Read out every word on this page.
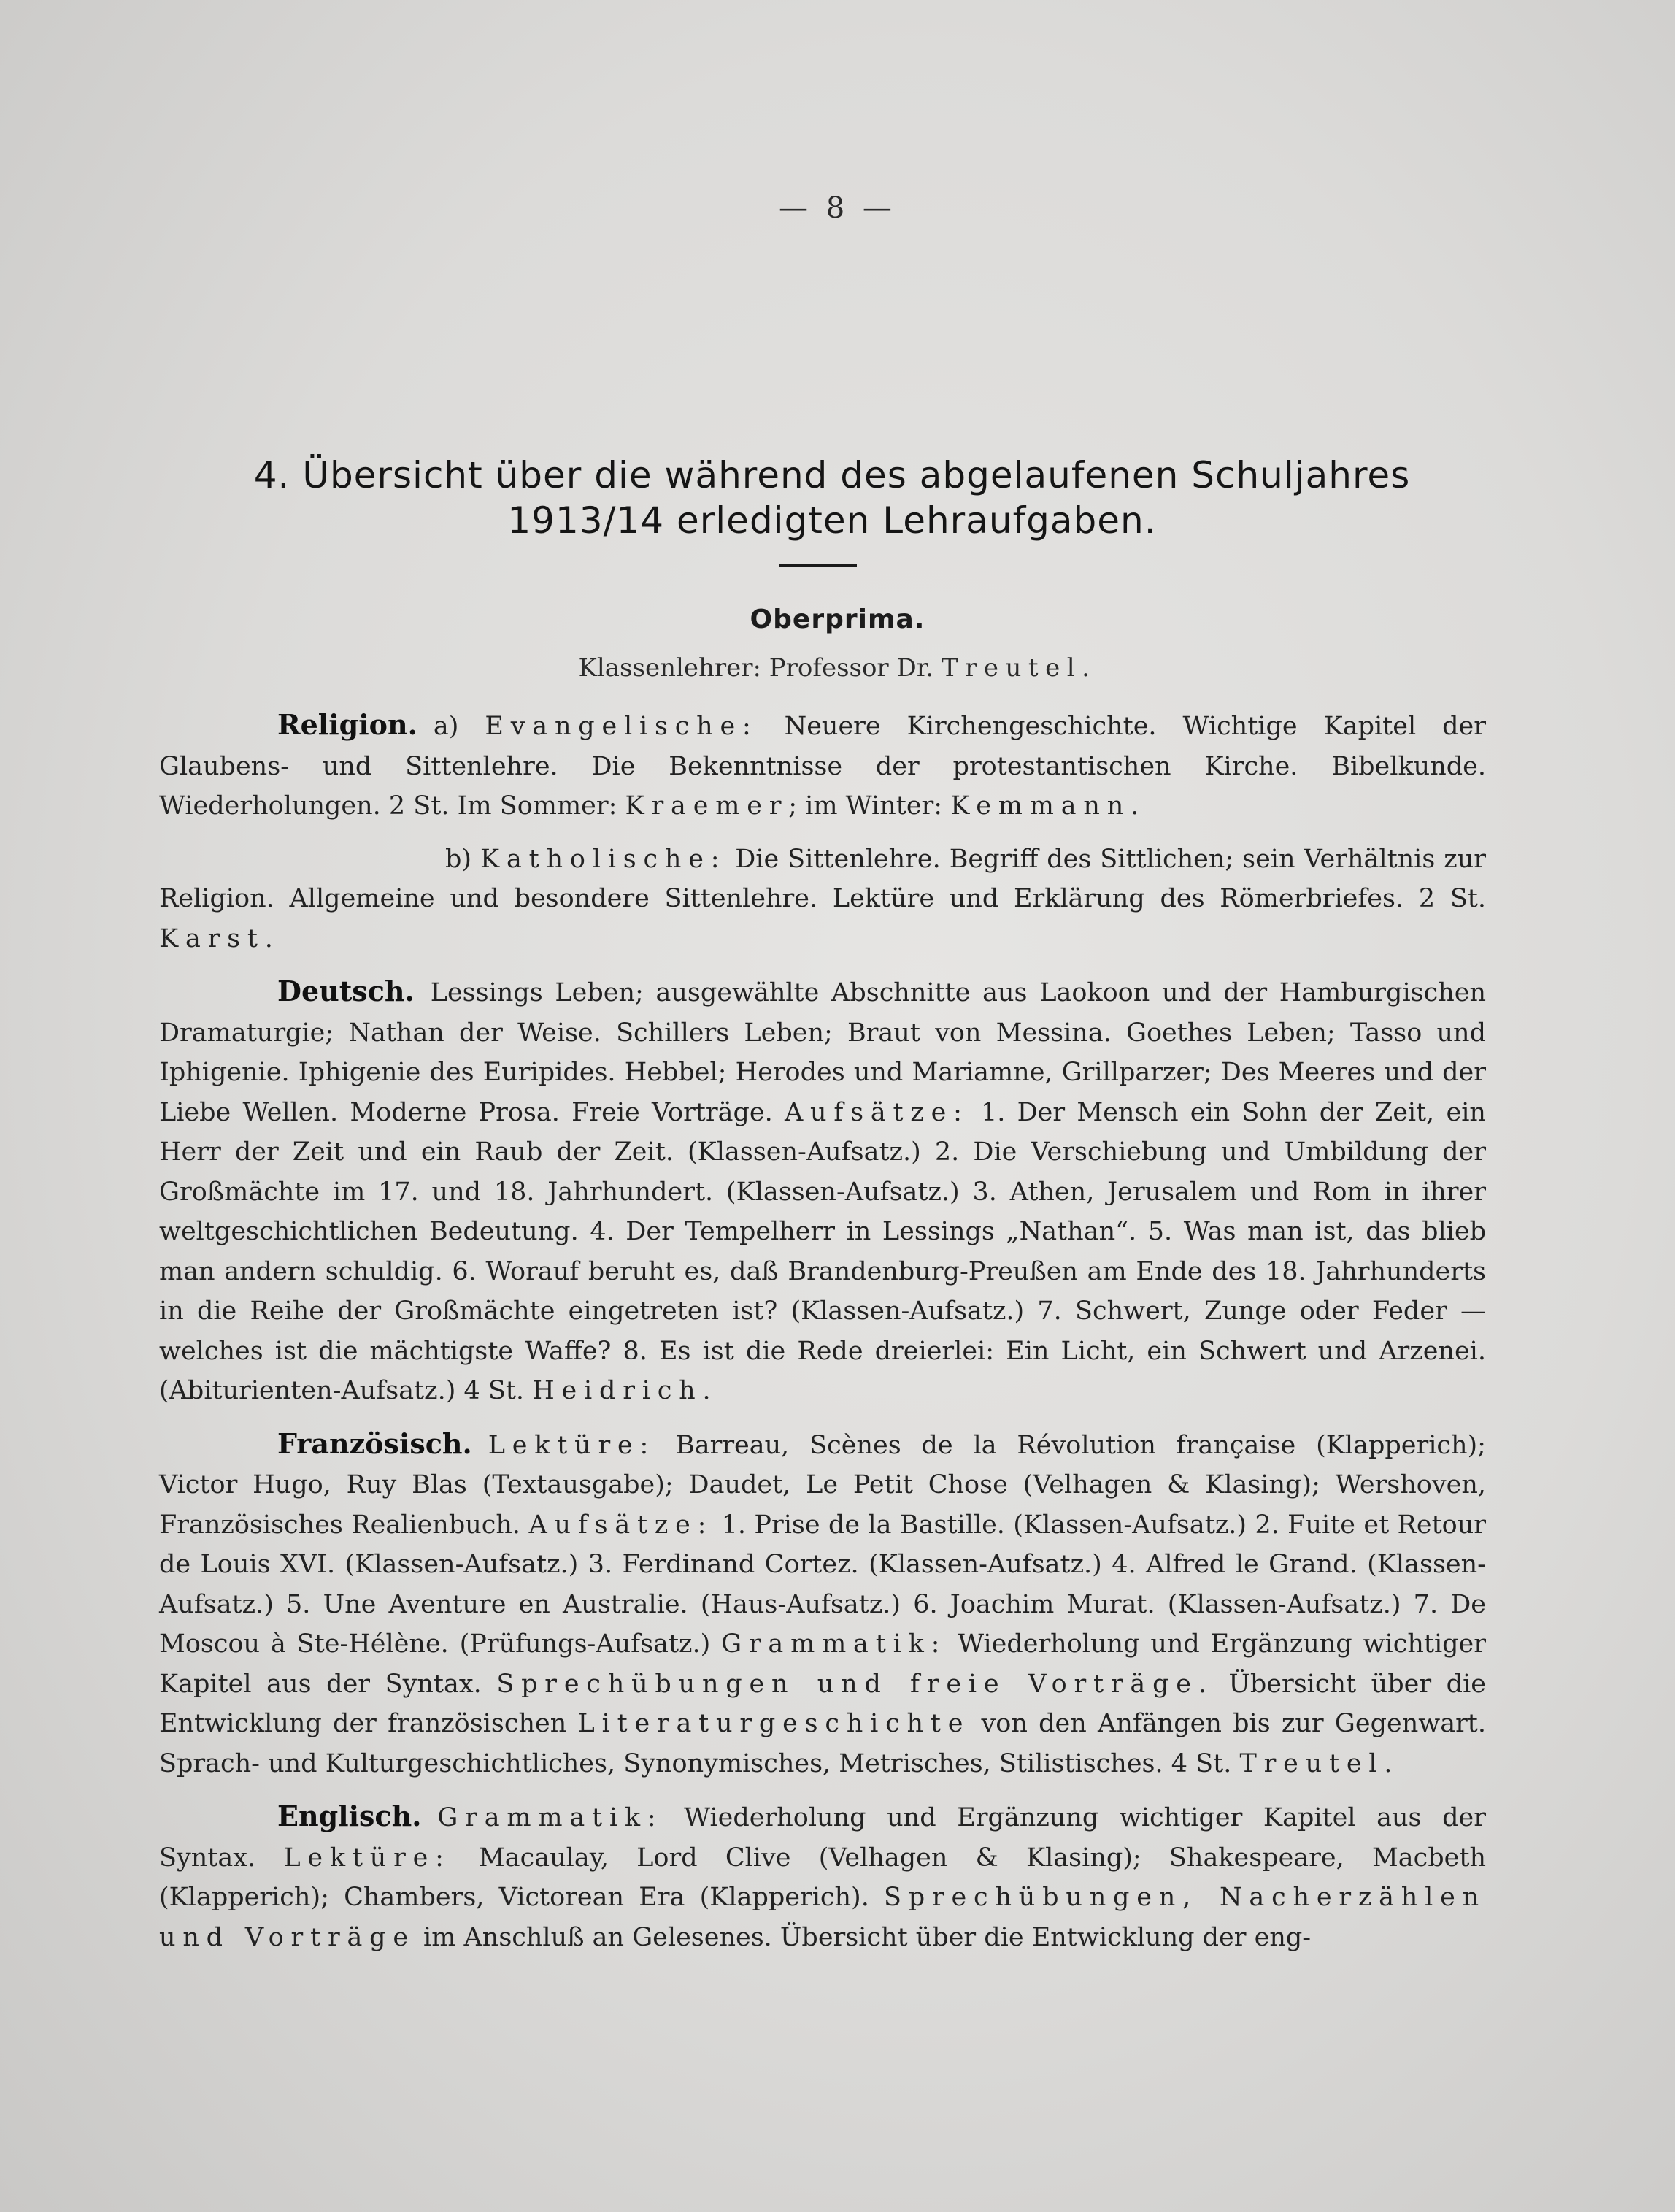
— 8 —
4. Übersicht über die während des abgelaufenen Schuljahres
1913/14 erledigten Lehraufgaben.
Oberprima.
Klassenlehrer: Professor Dr. Treutel.

Religion. a) Evangelische: Neuere Kirchengeschichte. Wichtige Kapitel der Glaubens- und Sittenlehre. Die Bekenntnisse der protestantischen Kirche. Bibelkunde. Wiederholungen. 2 St. Im Sommer: Kraemer; im Winter: Kemmann.

b) Katholische: Die Sittenlehre. Begriff des Sittlichen; sein Verhältnis zur Religion. Allgemeine und besondere Sittenlehre. Lektüre und Erklärung des Römerbriefes. 2 St. Karst.

Deutsch. Lessings Leben; ausgewählte Abschnitte aus Laokoon und der Hamburgischen Dramaturgie; Nathan der Weise. Schillers Leben; Braut von Messina. Goethes Leben; Tasso und Iphigenie. Iphigenie des Euripides. Hebbel; Herodes und Mariamne, Grillparzer; Des Meeres und der Liebe Wellen. Moderne Prosa. Freie Vorträge. Aufsätze: 1. Der Mensch ein Sohn der Zeit, ein Herr der Zeit und ein Raub der Zeit. (Klassen-Aufsatz.) 2. Die Verschiebung und Umbildung der Großmächte im 17. und 18. Jahrhundert. (Klassen-Aufsatz.) 3. Athen, Jerusalem und Rom in ihrer weltgeschichtlichen Bedeutung. 4. Der Tempelherr in Lessings „Nathan“. 5. Was man ist, das blieb man andern schuldig. 6. Worauf beruht es, daß Brandenburg-Preußen am Ende des 18. Jahrhunderts in die Reihe der Großmächte eingetreten ist? (Klassen-Aufsatz.) 7. Schwert, Zunge oder Feder — welches ist die mächtigste Waffe? 8. Es ist die Rede dreierlei: Ein Licht, ein Schwert und Arzenei. (Abiturienten-Aufsatz.) 4 St. Heidrich.

Französisch. Lektüre: Barreau, Scènes de la Révolution française (Klapperich); Victor Hugo, Ruy Blas (Textausgabe); Daudet, Le Petit Chose (Velhagen & Klasing); Wershoven, Französisches Realienbuch. Aufsätze: 1. Prise de la Bastille. (Klassen-Aufsatz.) 2. Fuite et Retour de Louis XVI. (Klassen-Aufsatz.) 3. Ferdinand Cortez. (Klassen-Aufsatz.) 4. Alfred le Grand. (Klassen-Aufsatz.) 5. Une Aventure en Australie. (Haus-Aufsatz.) 6. Joachim Murat. (Klassen-Aufsatz.) 7. De Moscou à Ste-Hélène. (Prüfungs-Aufsatz.) Grammatik: Wiederholung und Ergänzung wichtiger Kapitel aus der Syntax. Sprechübungen und freie Vorträge. Übersicht über die Entwicklung der französischen Literaturgeschichte von den Anfängen bis zur Gegenwart. Sprach- und Kulturgeschichtliches, Synonymisches, Metrisches, Stilistisches. 4 St. Treutel.

Englisch. Grammatik: Wiederholung und Ergänzung wichtiger Kapitel aus der Syntax. Lektüre: Macaulay, Lord Clive (Velhagen & Klasing); Shakespeare, Macbeth (Klapperich); Chambers, Victorean Era (Klapperich). Sprechübungen, Nacherzählen und Vorträge im Anschluß an Gelesenes. Übersicht über die Entwicklung der eng-
